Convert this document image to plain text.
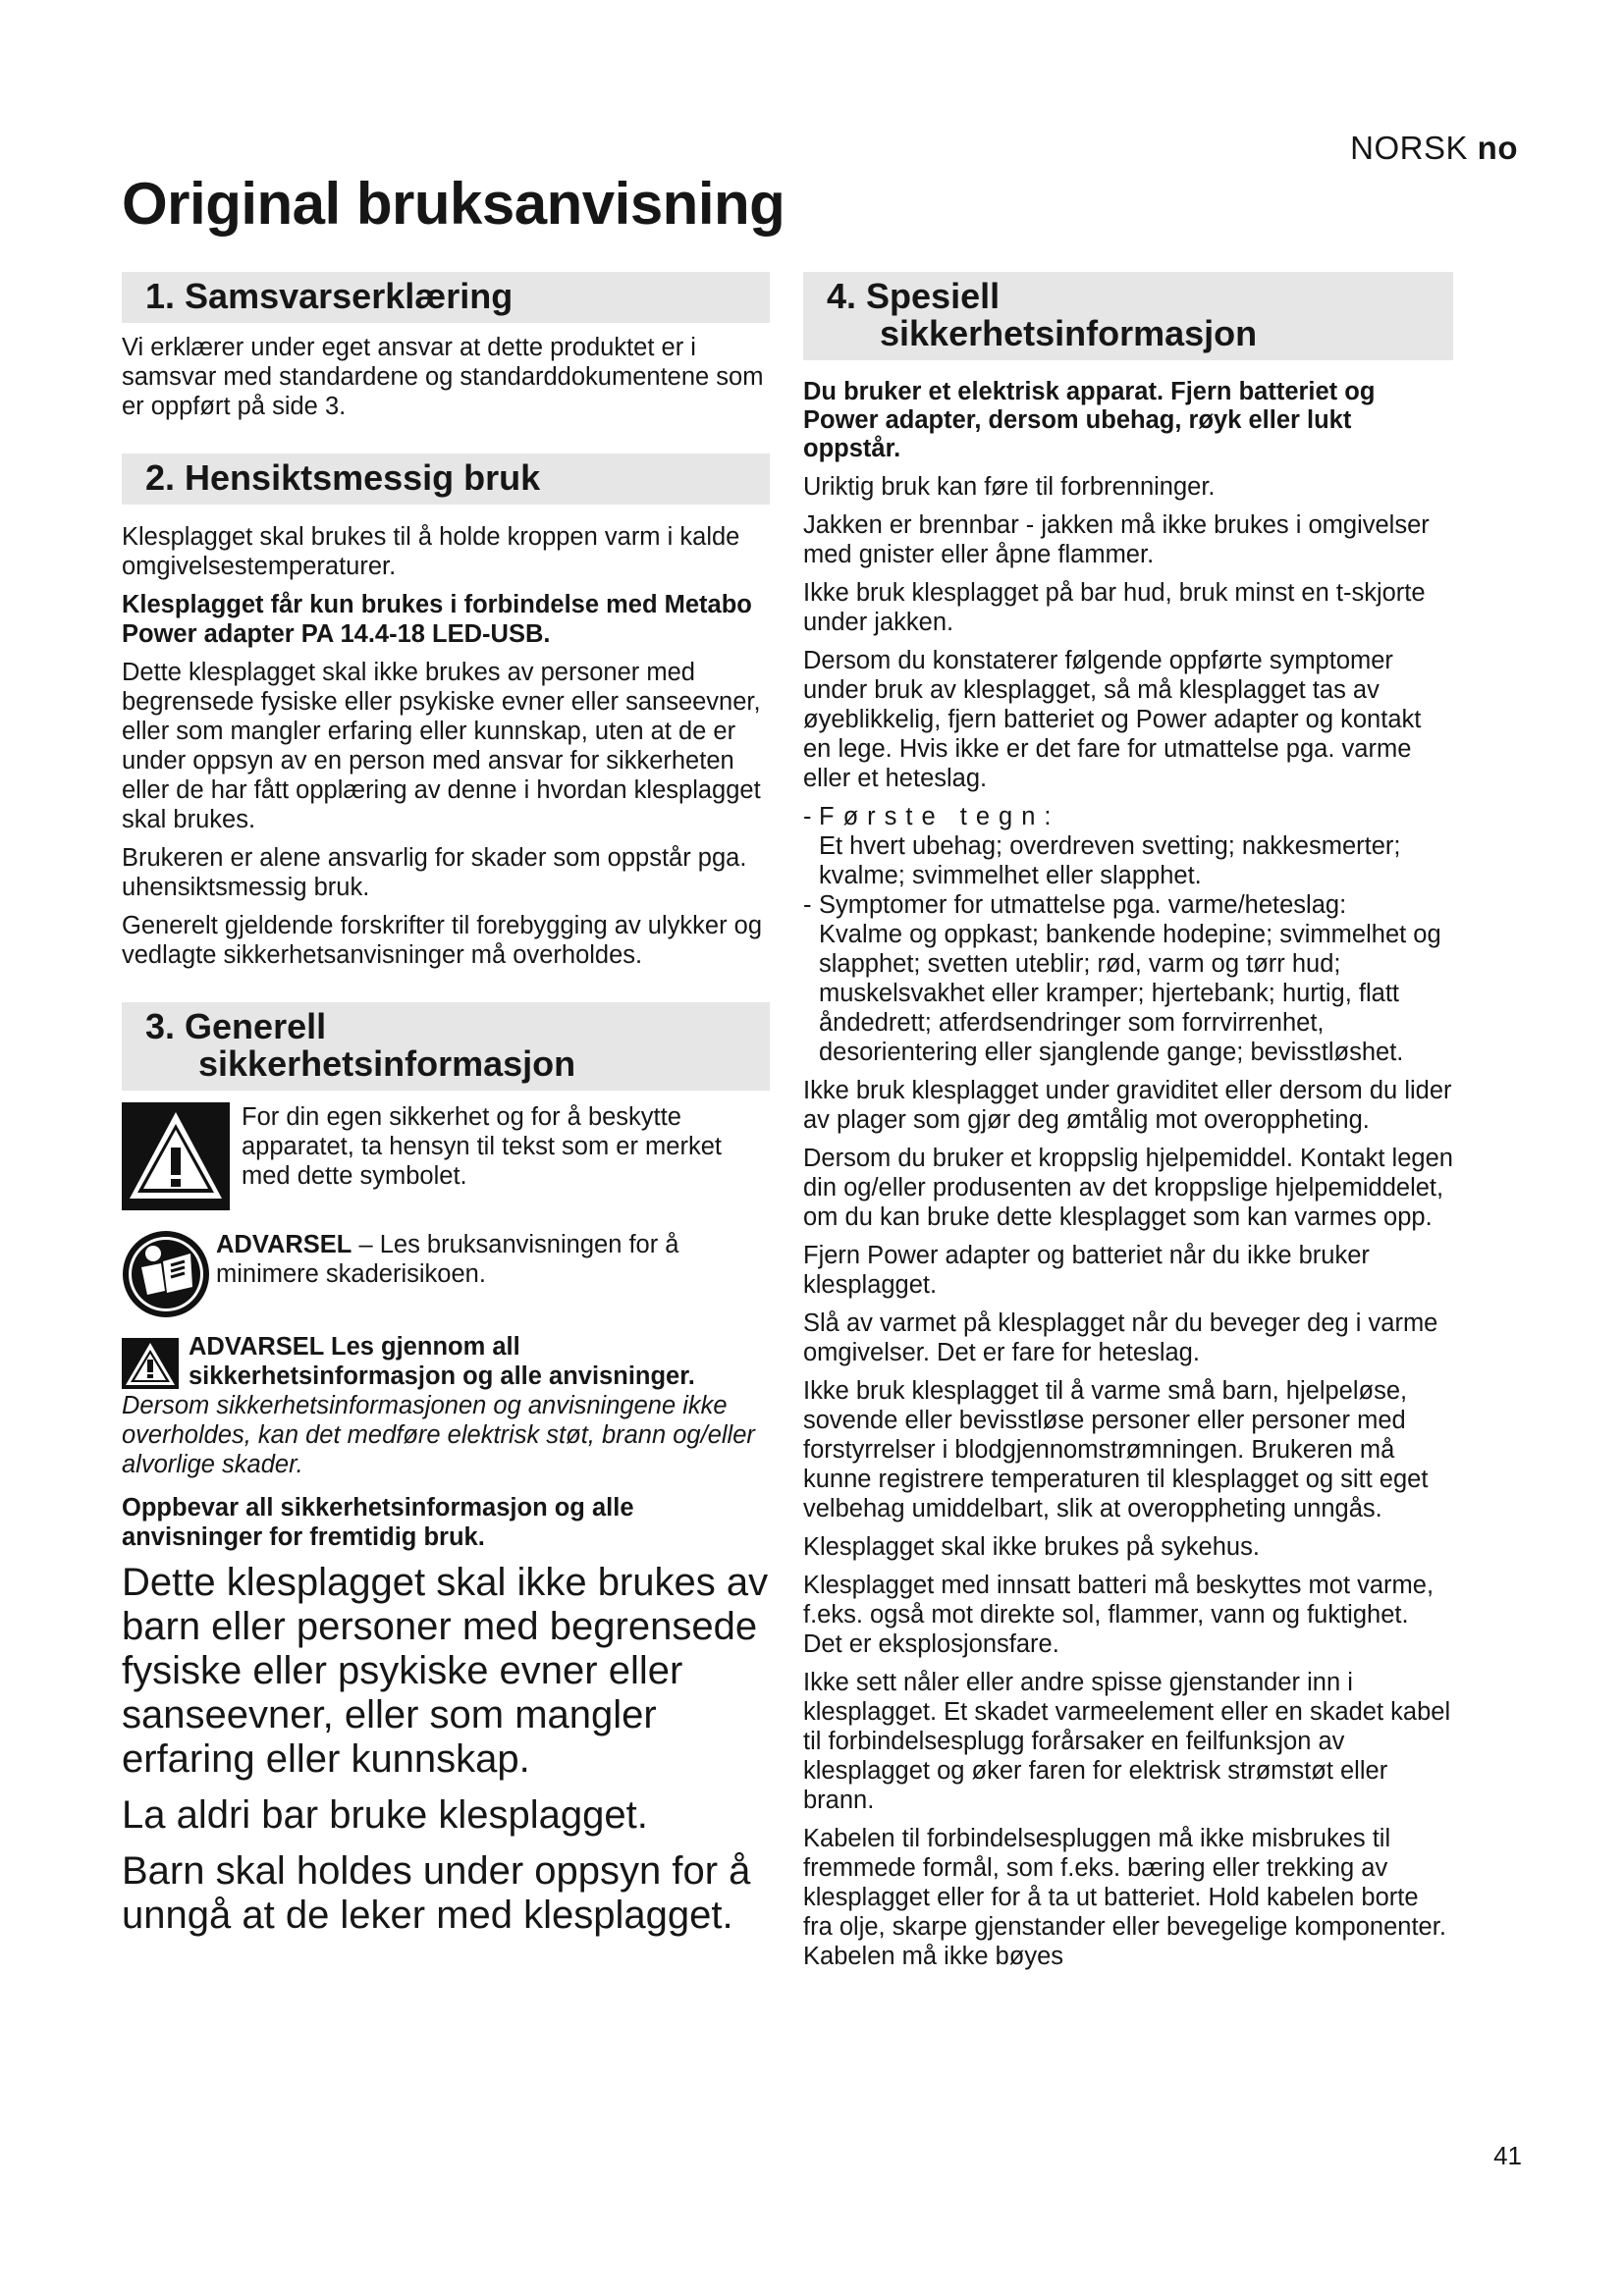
NORSK no
Original bruksanvisning
1. Samsvarserklæring

Vi erklærer under eget ansvar at dette produktet er i samsvar med standardene og standarddokumentene som er oppført på side 3.

2. Hensiktsmessig bruk

Klesplagget skal brukes til å holde kroppen varm i kalde omgivelsestemperaturer.

Klesplagget får kun brukes i forbindelse med Metabo Power adapter PA 14.4-18 LED-USB.

Dette klesplagget skal ikke brukes av personer med begrensede fysiske eller psykiske evner eller sanseevner, eller som mangler erfaring eller kunnskap, uten at de er under oppsyn av en person med ansvar for sikkerheten eller de har fått opplæring av denne i hvordan klesplagget skal brukes.

Brukeren er alene ansvarlig for skader som oppstår pga. uhensiktsmessig bruk.

Generelt gjeldende forskrifter til forebygging av ulykker og vedlagte sikkerhetsanvisninger må overholdes.

3. Generell
sikkerhetsinformasjon

For din egen sikkerhet og for å beskytte apparatet, ta hensyn til tekst som er merket med dette symbolet.

ADVARSEL – Les bruksanvisningen for å minimere skaderisikoen.

ADVARSEL Les gjennom all sikkerhetsinformasjon og alle anvisninger. Dersom sikkerhetsinformasjonen og anvisningene ikke overholdes, kan det medføre elektrisk støt, brann og/eller alvorlige skader.

Oppbevar all sikkerhetsinformasjon og alle anvisninger for fremtidig bruk.

Dette klesplagget skal ikke brukes av barn eller personer med begrensede fysiske eller psykiske evner eller sanseevner, eller som mangler erfaring eller kunnskap.

La aldri bar bruke klesplagget.

Barn skal holdes under oppsyn for å unngå at de leker med klesplagget.

4. Spesiell
sikkerhetsinformasjon

Du bruker et elektrisk apparat. Fjern batteriet og Power adapter, dersom ubehag, røyk eller lukt oppstår.

Uriktig bruk kan føre til forbrenninger.

Jakken er brennbar - jakken må ikke brukes i omgivelser med gnister eller åpne flammer.

Ikke bruk klesplagget på bar hud, bruk minst en t-skjorte under jakken.

Dersom du konstaterer følgende oppførte symptomer under bruk av klesplagget, så må klesplagget tas av øyeblikkelig, fjern batteriet og Power adapter og kontakt en lege. Hvis ikke er det fare for utmattelse pga. varme eller et heteslag.

- Første tegn:
Et hvert ubehag; overdreven svetting; nakkesmerter; kvalme; svimmelhet eller slapphet.
- Symptomer for utmattelse pga. varme/heteslag:
Kvalme og oppkast; bankende hodepine; svimmelhet og slapphet; svetten uteblir; rød, varm og tørr hud; muskelsvakhet eller kramper; hjertebank; hurtig, flatt åndedrett; atferdsendringer som forrvirrenhet, desorientering eller sjanglende gange; bevisstløshet.

Ikke bruk klesplagget under graviditet eller dersom du lider av plager som gjør deg ømtålig mot overoppheting.

Dersom du bruker et kroppslig hjelpemiddel. Kontakt legen din og/eller produsenten av det kroppslige hjelpemiddelet, om du kan bruke dette klesplagget som kan varmes opp.

Fjern Power adapter og batteriet når du ikke bruker klesplagget.

Slå av varmet på klesplagget når du beveger deg i varme omgivelser. Det er fare for heteslag.

Ikke bruk klesplagget til å varme små barn, hjelpeløse, sovende eller bevisstløse personer eller personer med forstyrrelser i blodgjennomstrømningen. Brukeren må kunne registrere temperaturen til klesplagget og sitt eget velbehag umiddelbart, slik at overoppheting unngås.

Klesplagget skal ikke brukes på sykehus.

Klesplagget med innsatt batteri må beskyttes mot varme, f.eks. også mot direkte sol, flammer, vann og fuktighet. Det er eksplosjonsfare.

Ikke sett nåler eller andre spisse gjenstander inn i klesplagget. Et skadet varmeelement eller en skadet kabel til forbindelsesplugg forårsaker en feilfunksjon av klesplagget og øker faren for elektrisk strømstøt eller brann.

Kabelen til forbindelsespluggen må ikke misbrukes til fremmede formål, som f.eks. bæring eller trekking av klesplagget eller for å ta ut batteriet. Hold kabelen borte fra olje, skarpe gjenstander eller bevegelige komponenter. Kabelen må ikke bøyes

41
